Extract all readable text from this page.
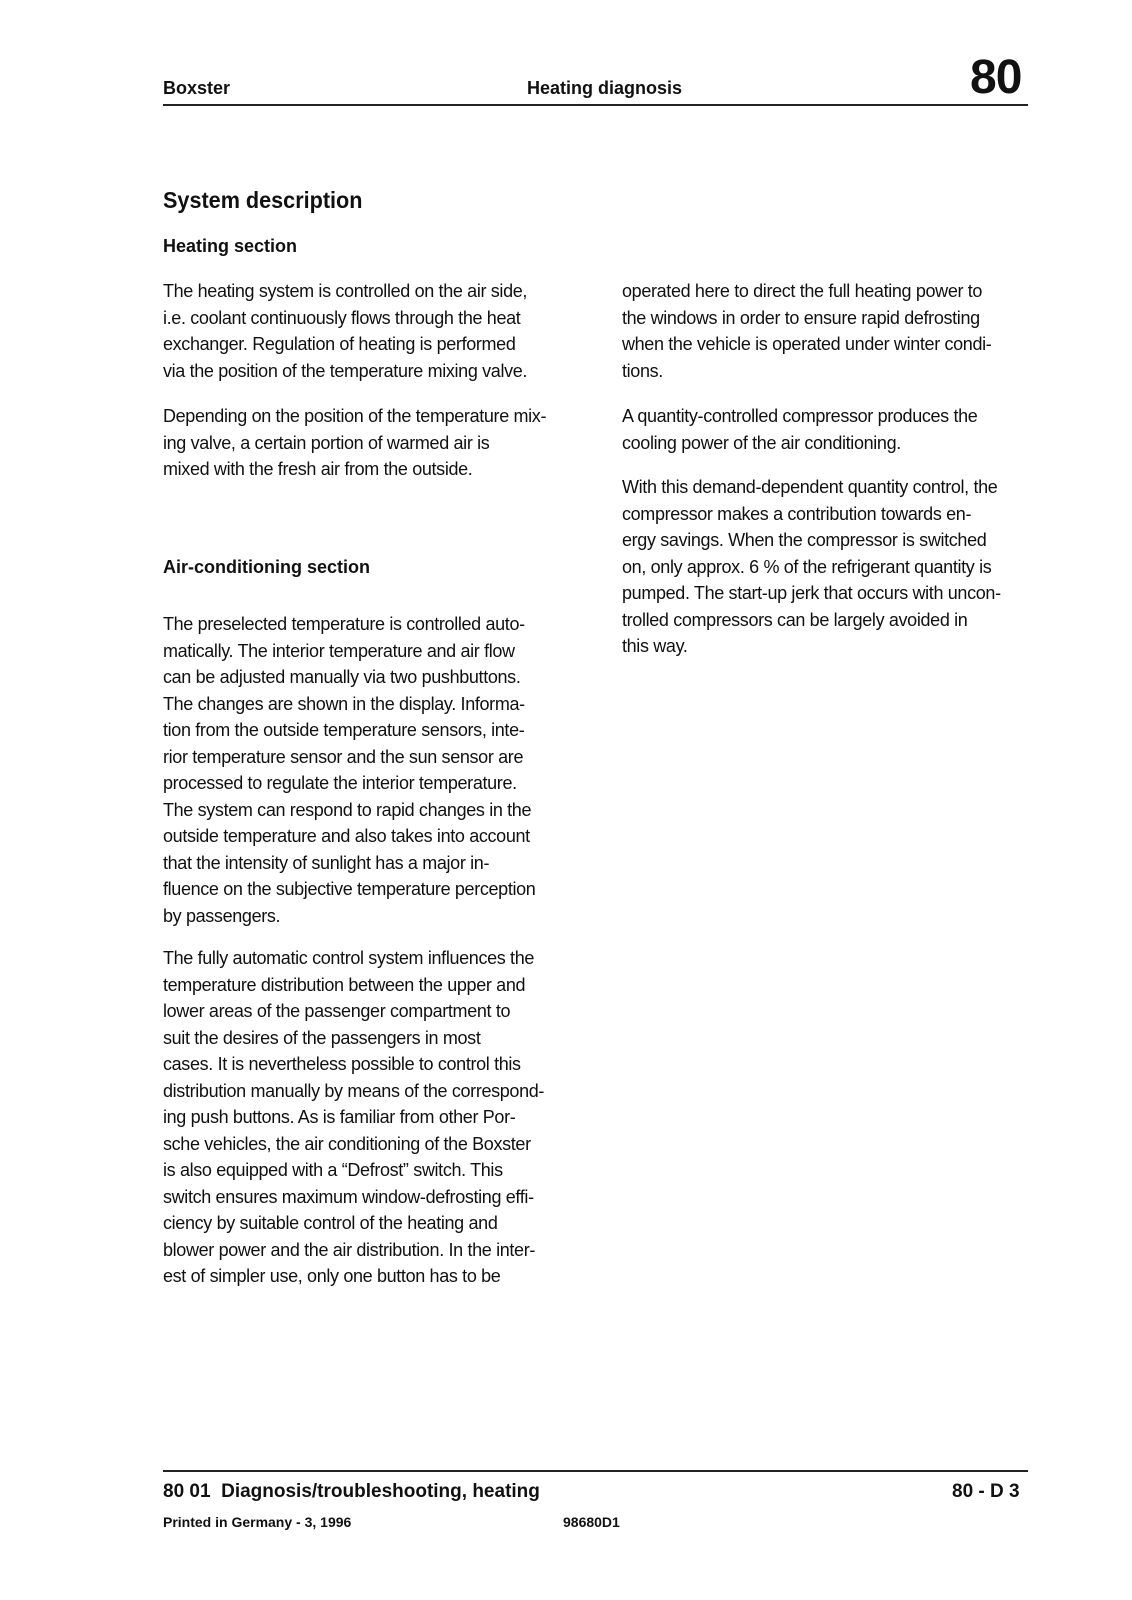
Boxster	Heating diagnosis	80
System description
Heating section

The heating system is controlled on the air side,
i.e. coolant continuously flows through the heat
exchanger. Regulation of heating is performed
via the position of the temperature mixing valve.

Depending on the position of the temperature mix-
ing valve, a certain portion of warmed air is
mixed with the fresh air from the outside.

Air-conditioning section

The preselected temperature is controlled auto-
matically. The interior temperature and air flow
can be adjusted manually via two pushbuttons.
The changes are shown in the display. Informa-
tion from the outside temperature sensors, inte-
rior temperature sensor and the sun sensor are
processed to regulate the interior temperature.
The system can respond to rapid changes in the
outside temperature and also takes into account
that the intensity of sunlight has a major in-
fluence on the subjective temperature perception
by passengers.

The fully automatic control system influences the
temperature distribution between the upper and
lower areas of the passenger compartment to
suit the desires of the passengers in most
cases. It is nevertheless possible to control this
distribution manually by means of the correspond-
ing push buttons. As is familiar from other Por-
sche vehicles, the air conditioning of the Boxster
is also equipped with a “Defrost” switch. This
switch ensures maximum window-defrosting effi-
ciency by suitable control of the heating and
blower power and the air distribution. In the inter-
est of simpler use, only one button has to be

operated here to direct the full heating power to
the windows in order to ensure rapid defrosting
when the vehicle is operated under winter condi-
tions.

A quantity-controlled compressor produces the
cooling power of the air conditioning.

With this demand-dependent quantity control, the
compressor makes a contribution towards en-
ergy savings. When the compressor is switched
on, only approx. 6 % of the refrigerant quantity is
pumped. The start-up jerk that occurs with uncon-
trolled compressors can be largely avoided in
this way.

80 01  Diagnosis/troubleshooting, heating	80 - D 3
Printed in Germany - 3, 1996	98680D1
